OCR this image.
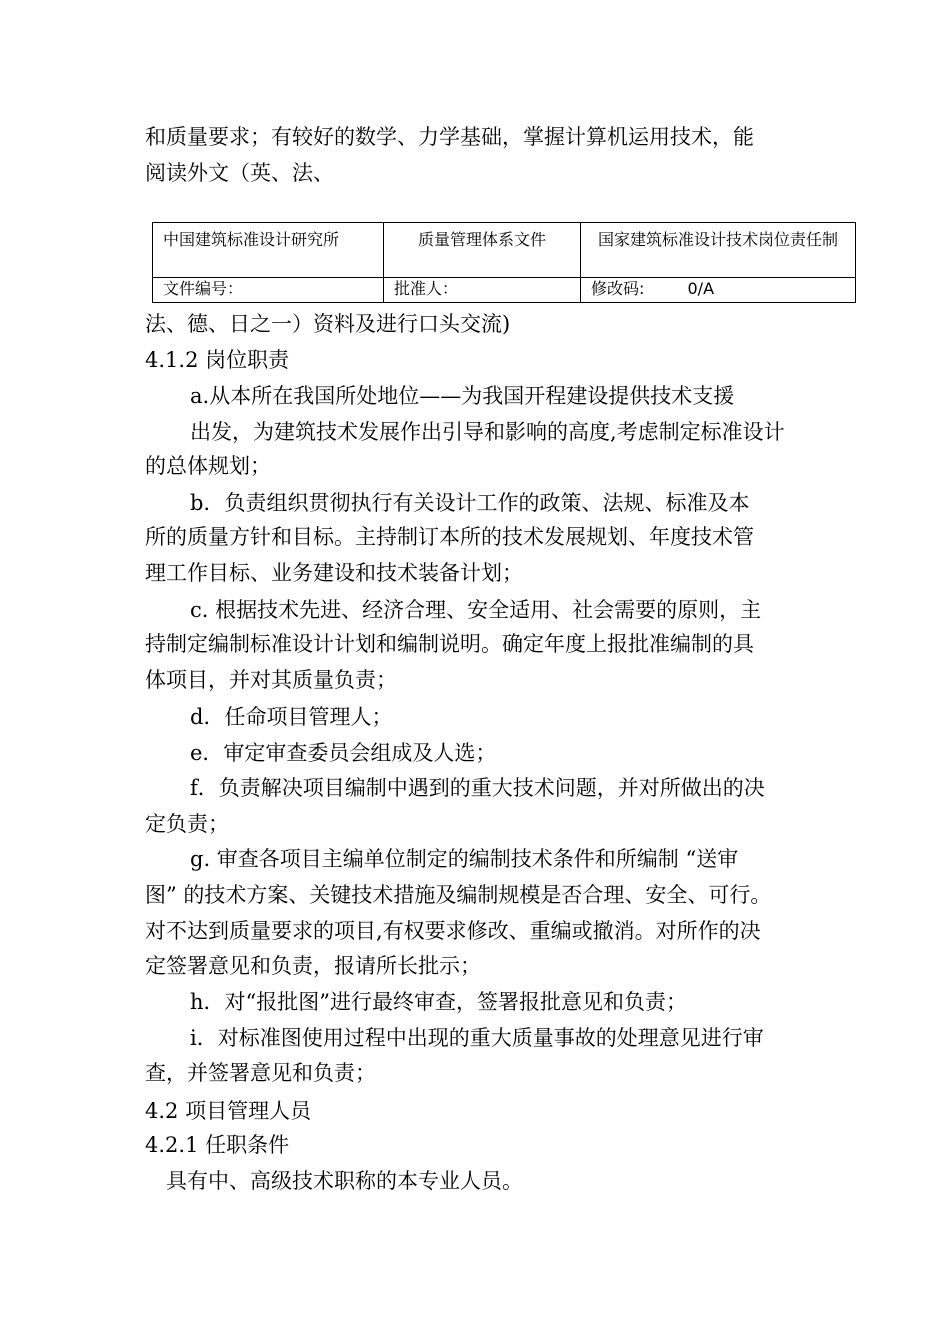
和质量要求；有较好的数学、力学基础，掌握计算机运用技术，能
阅读外文（英、法、
中国建筑标准设计研究所	质量管理体系文件	国家建筑标准设计技术岗位责任制
文件编号：	批准人：	修改码: 0/A
法、德、日之一）资料及进行口头交流)
4.1.2 岗位职责
a.从本所在我国所处地位——为我国开程建设提供技术支援
出发，为建筑技术发展作出引导和影响的高度,考虑制定标准设计
的总体规划；
b．负责组织贯彻执行有关设计工作的政策、法规、标准及本
所的质量方针和目标。主持制订本所的技术发展规划、年度技术管
理工作目标、业务建设和技术装备计划；
c. 根据技术先进、经济合理、安全适用、社会需要的原则，主
持制定编制标准设计计划和编制说明。确定年度上报批准编制的具
体项目，并对其质量负责；
d．任命项目管理人；
e．审定审查委员会组成及人选；
f．负责解决项目编制中遇到的重大技术问题，并对所做出的决
定负责；
g. 审查各项目主编单位制定的编制技术条件和所编制 “送审
图” 的技术方案、关键技术措施及编制规模是否合理、安全、可行。
对不达到质量要求的项目,有权要求修改、重编或撤消。对所作的决
定签署意见和负责，报请所长批示；
h．对“报批图”进行最终审查，签署报批意见和负责；
i．对标准图使用过程中出现的重大质量事故的处理意见进行审
查，并签署意见和负责；
4.2 项目管理人员
4.2.1 任职条件
具有中、高级技术职称的本专业人员。
